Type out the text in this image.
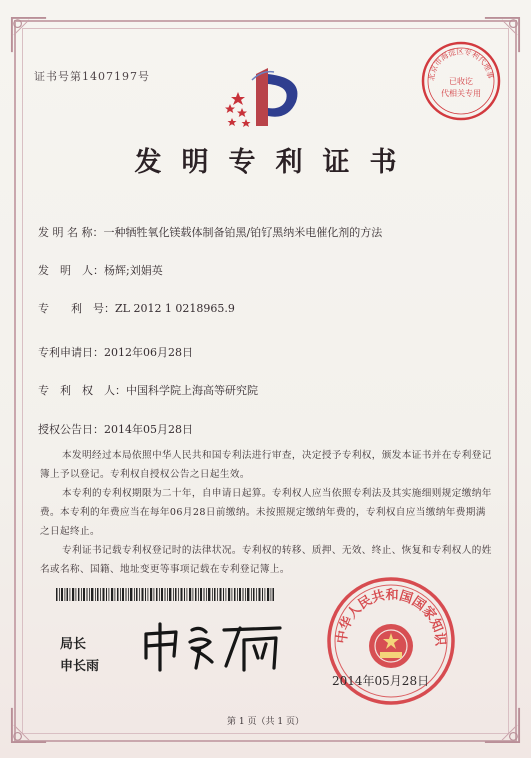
证书号第1407197号	北京市海淀区专利代理事
已收讫
代相关专用
发明专利证书
发 明 名 称：一种牺牲氧化镁载体制备铂黑/铂钌黑纳米电催化剂的方法
发　明　人：杨辉;刘娟英
专　　利　号：ZL 2012 1 0218965.9
专利申请日：2012年06月28日
专　利　权　人：中国科学院上海高等研究院
授权公告日：2014年05月28日

本发明经过本局依照中华人民共和国专利法进行审查，决定授予专利权，颁发本证书并在专利登记簿上予以登记。专利权自授权公告之日起生效。

本专利的专利权期限为二十年，自申请日起算。专利权人应当依照专利法及其实施细则规定缴纳年费。本专利的年费应当在每年06月28日前缴纳。未按照规定缴纳年费的，专利权自应当缴纳年费期满之日起终止。

专利证书记载专利权登记时的法律状况。专利权的转移、质押、无效、终止、恢复和专利权人的姓名或名称、国籍、地址变更等事项记载在专利登记簿上。

局长
申长雨
中华人民共和国国家知识
2014年05月28日
第 1 页（共 1 页）
